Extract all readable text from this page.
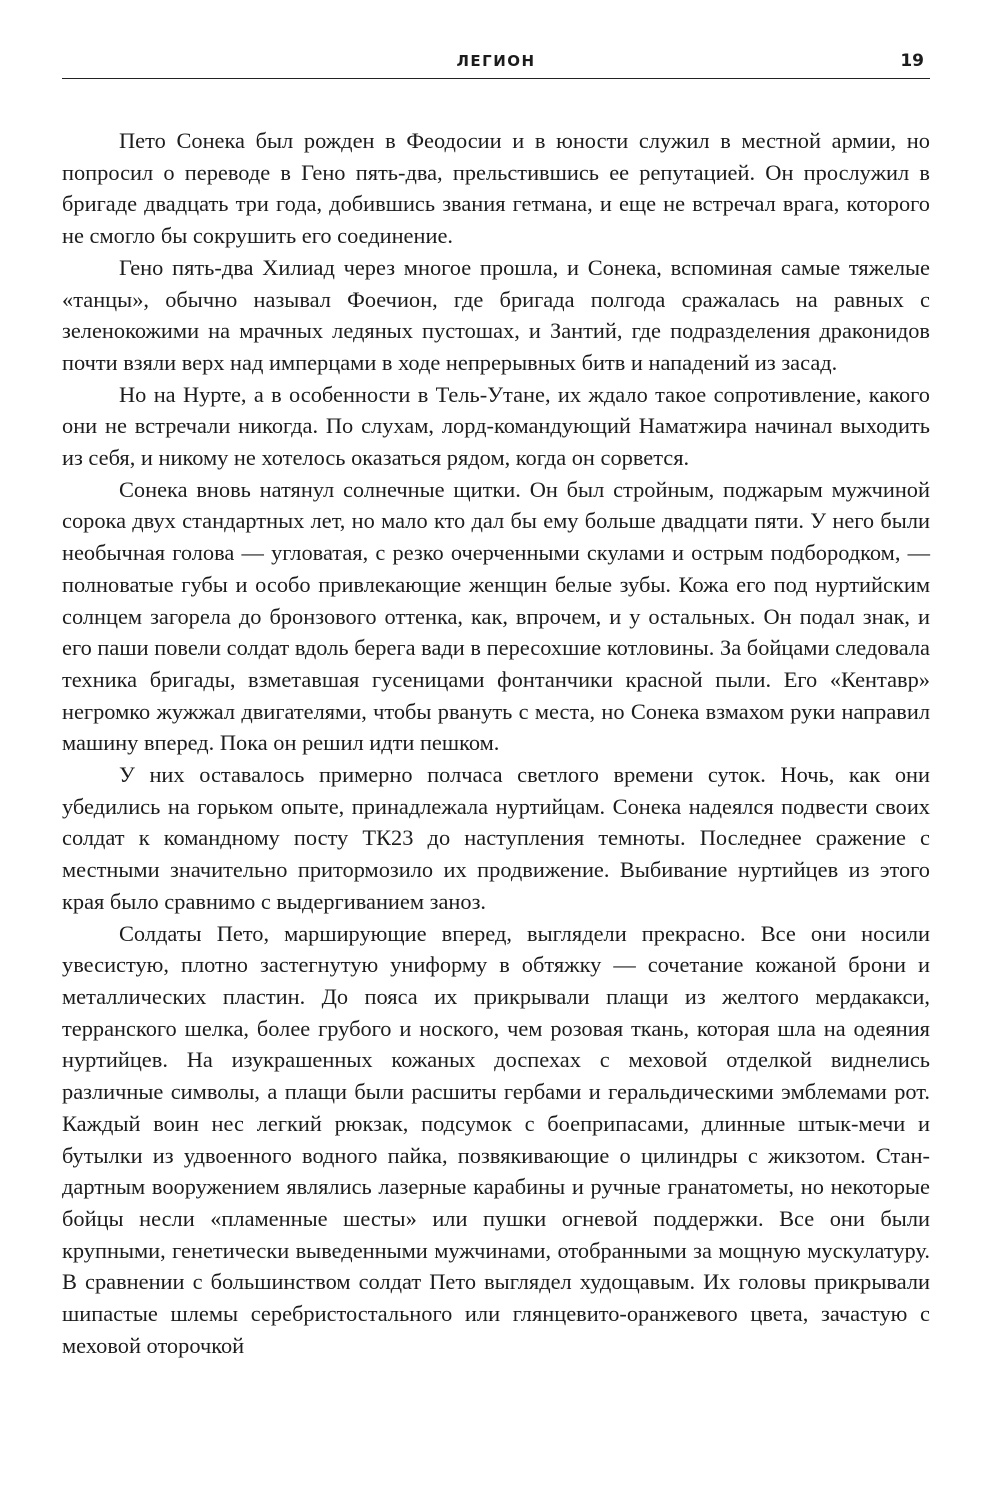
ЛЕГИОН	19

Пето Сонека был рожден в Феодосии и в юности служил в местной армии, но попросил о переводе в Гено пять-два, прельстившись ее репутацией. Он прослужил в бригаде двадцать три года, добившись звания гетмана, и еще не встречал врага, которого не смогло бы сокрушить его соединение.

Гено пять-два Хилиад через многое прошла, и Сонека, вспоминая самые тяжелые «танцы», обычно называл Фоечион, где бригада полгода сражалась на равных с зеленокожими на мрачных ледяных пустошах, и Зантий, где подразделения драконидов почти взяли верх над имперцами в ходе непрерывных битв и нападений из засад.

Но на Нурте, а в особенности в Тель-Утане, их ждало такое сопротивление, какого они не встречали никогда. По слухам, лорд-командующий Наматжира начинал выходить из себя, и никому не хотелось оказаться рядом, когда он сорвется.

Сонека вновь натянул солнечные щитки. Он был стройным, поджарым мужчиной сорока двух стандартных лет, но мало кто дал бы ему больше двадцати пяти. У него были необычная голова — угловатая, с резко очерченными скулами и острым подбородком, — полноватые губы и особо привлекающие женщин белые зубы. Кожа его под нуртийским солнцем загорела до бронзового оттенка, как, впрочем, и у остальных. Он подал знак, и его паши повели солдат вдоль берега вади в пересохшие котловины. За бойцами следовала техника бригады, взметавшая гусеницами фонтанчики красной пыли. Его «Кентавр» негромко жужжал двигателями, чтобы рвануть с места, но Сонека взмахом руки направил машину вперед. Пока он решил идти пешком.

У них оставалось примерно полчаса светлого времени суток. Ночь, как они убедились на горьком опыте, принадлежала нуртийцам. Сонека надеялся подвести своих солдат к командному посту ТК23 до наступления темноты. Последнее сражение с местными значительно притормозило их продвижение. Выбивание нуртийцев из этого края было сравнимо с выдергиванием заноз.

Солдаты Пето, марширующие вперед, выглядели прекрасно. Все они носили увесистую, плотно застегнутую униформу в обтяжку — сочетание кожаной брони и металлических пластин. До пояса их прикрывали плащи из желтого мердакакси, терранского шелка, более грубого и ноского, чем розовая ткань, которая шла на одеяния нуртийцев. На изукрашенных кожаных доспехах с меховой отделкой виднелись различные символы, а плащи были расшиты гербами и геральдическими эмблемами рот. Каждый воин нес легкий рюкзак, подсумок с боеприпасами, длинные штык-мечи и бутылки из удвоенного водного пайка, позвякивающие о цилиндры с жикзотом. Стандартным вооружением являлись лазерные карабины и ручные гранатометы, но некоторые бойцы несли «пламенные шесты» или пушки огневой поддержки. Все они были крупными, генетически выведенными мужчинами, отобранными за мощную мускулатуру. В сравнении с большинством солдат Пето выглядел худощавым. Их головы прикрывали шипастые шлемы серебристостального или глянцевито-оранжевого цвета, зачастую с меховой оторочкой
